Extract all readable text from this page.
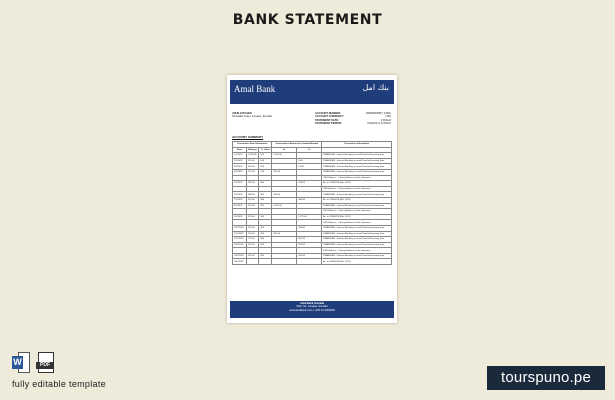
BANK STATEMENT
Amal Bank	بنك امل
JOHN GITCHEN
Shuwaikh street, Jumasa, Somalia
ACCOUNT NUMBER:	3056666098(*) (USD)
ACCOUNT CURRENCY:	USD
STATEMENT DATE:	27/01/22
STATEMENT PERIOD:	01/02/22 to 27/02/22
ACCOUNT SUMMARY
Transaction Date Information			Transactions Amount on Outward/Inward		Transaction Information
Date	Balance	Tr. Value	Dr	Cr	
1/1/2022	1,414.89	520	1,150.00		TRANSFER - Internet Banking account/Transfer/Incoming from
2/1/2022	150.00	620		3.00	TRANSFER - Internet Banking account/Transfer/Incoming from
3/1/2022	150.00	630		14.80	TRANSFER - Internet Banking account/Transfer/Incoming from
4/1/2022	175.00	720	100.00		TRANSFER - Internet Banking account/Transfer/Incoming from
					USD Balance - Closing Balance of the statement
5/1/2022	129.00	300		243.00	Ac. to 12345678 (Ref. 2022)
					USD Balance - Closing Balance of the statement
6/1/2022	338.00	300	333.00		TRANSFER - Internet Banking account/Transfer/Incoming from
7/1/2022	226.00	300		340.00	Ac. to 12345678 (Ref. 2022)
8/1/2022	150.00	300	1,567.00		TRANSFER - Internet Banking account/Transfer/Incoming from
					USD Balance - Closing Balance of the statement
9/1/2022	220.00	300		1,775.00	Ac. to 12345678 (Ref. 2022)
					USD Balance - Closing Balance of the statement
10/1/2022	120.00	300		344.00	TRANSFER - Internet Banking account/Transfer/Incoming from
11/1/2022	130.00	300	300.00		TRANSFER - Internet Banking account/Transfer/Incoming from
12/1/2022	170.00	300		361.00	TRANSFER - Internet Banking account/Transfer/Incoming from
13/1/2022	325.00	400		784.00	TRANSFER - Internet Banking account/Transfer/Incoming from
					USD Balance - Closing Balance of the statement
14/1/2022	220.00	300		351.00	TRANSFER - Internet Banking account/Transfer/Incoming from
15/1/2022					Ac. to 12345678 (Ref. 2022)
Amal Bank Somalia
KM4, Str. Jumasa, Somalia
www.amalbank.com | +252 61 0000000
W	PDF
fully editable template	tourspuno.pe
